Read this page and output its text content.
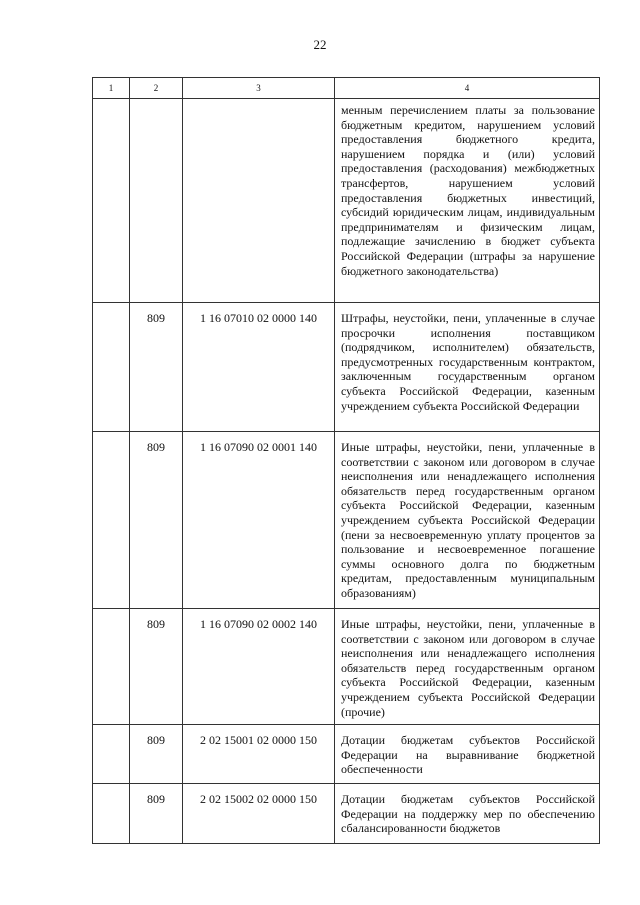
22
1	2	3	4
			менным перечислением платы за пользование бюджетным кредитом, нарушением условий предоставления бюджетного кредита, нарушением порядка и (или) условий предоставления (расходования) межбюджетных трансфертов, нарушением условий предоставления бюджетных инвестиций, субсидий юридическим лицам, индивидуальным предпринимателям и физическим лицам, подлежащие зачислению в бюджет субъекта Российской Федерации (штрафы за нарушение бюджетного законодательства)
	809	1 16 07010 02 0000 140	Штрафы, неустойки, пени, уплаченные в случае просрочки исполнения поставщиком (подрядчиком, исполнителем) обязательств, предусмотренных государственным контрактом, заключенным государственным органом субъекта Российской Федерации, казенным учреждением субъекта Российской Федерации
	809	1 16 07090 02 0001 140	Иные штрафы, неустойки, пени, уплаченные в соответствии с законом или договором в случае неисполнения или ненадлежащего исполнения обязательств перед государственным органом субъекта Российской Федерации, казенным учреждением субъекта Российской Федерации (пени за несвоевременную уплату процентов за пользование и несвоевременное погашение суммы основного долга по бюджетным кредитам, предоставленным муниципальным образованиям)
	809	1 16 07090 02 0002 140	Иные штрафы, неустойки, пени, уплаченные в соответствии с законом или договором в случае неисполнения или ненадлежащего исполнения обязательств перед государственным органом субъекта Российской Федерации, казенным учреждением субъекта Российской Федерации (прочие)
	809	2 02 15001 02 0000 150	Дотации бюджетам субъектов Российской Федерации на выравнивание бюджетной обеспеченности
	809	2 02 15002 02 0000 150	Дотации бюджетам субъектов Российской Федерации на поддержку мер по обеспечению сбалансированности бюджетов
